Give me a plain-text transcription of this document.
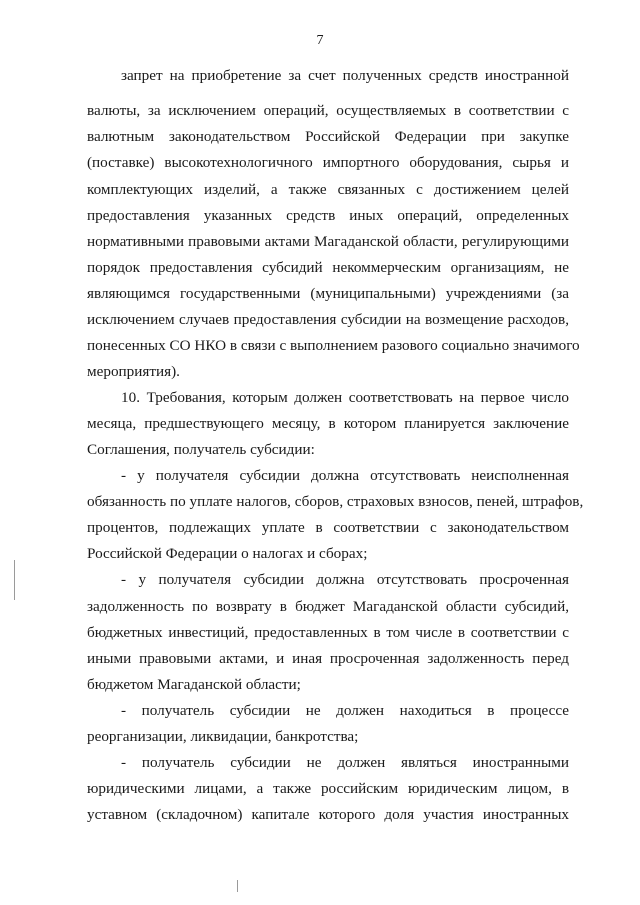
7
запрет на приобретение за счет полученных средств иностранной
валюты, за исключением операций, осуществляемых в соответствии с
валютным законодательством Российской Федерации при закупке
(поставке) высокотехнологичного импортного оборудования, сырья и
комплектующих изделий, а также связанных с достижением целей
предоставления указанных средств иных операций, определенных
нормативными правовыми актами Магаданской области, регулирующими
порядок предоставления субсидий некоммерческим организациям, не
являющимся государственными (муниципальными) учреждениями (за
исключением случаев предоставления субсидии на возмещение расходов,
понесенных СО НКО в связи с выполнением разового социально значимого
мероприятия).
10. Требования, которым должен соответствовать на первое число
месяца, предшествующего месяцу, в котором планируется заключение
Соглашения, получатель субсидии:
- у получателя субсидии должна отсутствовать неисполненная
обязанность по уплате налогов, сборов, страховых взносов, пеней, штрафов,
процентов, подлежащих уплате в соответствии с законодательством
Российской Федерации о налогах и сборах;
- у получателя субсидии должна отсутствовать просроченная
задолженность по возврату в бюджет Магаданской области субсидий,
бюджетных инвестиций, предоставленных в том числе в соответствии с
иными правовыми актами, и иная просроченная задолженность перед
бюджетом Магаданской области;
- получатель субсидии не должен находиться в процессе
реорганизации, ликвидации, банкротства;
- получатель субсидии не должен являться иностранными
юридическими лицами, а также российским юридическим лицом, в
уставном (складочном) капитале которого доля участия иностранных
